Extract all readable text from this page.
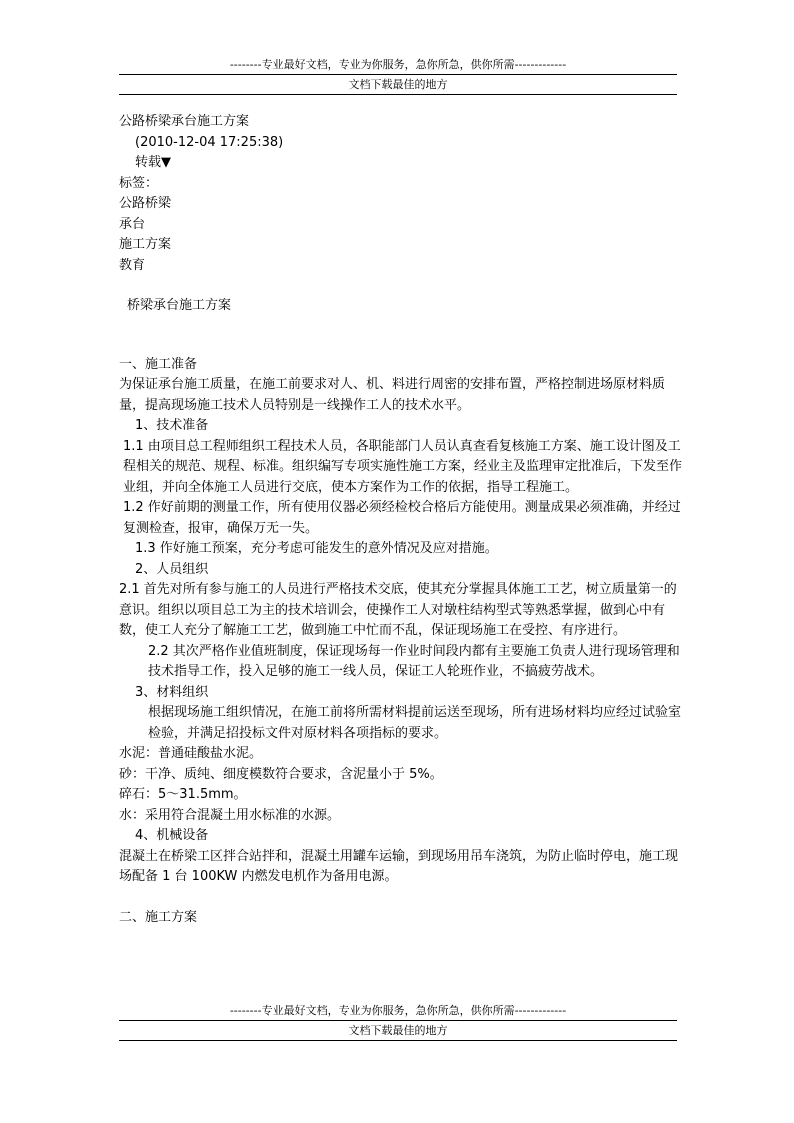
--------专业最好文档，专业为你服务，急你所急，供你所需-------------
文档下载最佳的地方

公路桥梁承台施工方案

(2010-12-04 17:25:38)

转载▼

标签：

公路桥梁

承台

施工方案

教育

桥梁承台施工方案

一、施工准备

为保证承台施工质量，在施工前要求对人、机、料进行周密的安排布置，严格控制进场原材料质量，提高现场施工技术人员特别是一线操作工人的技术水平。

1、技术准备

1.1 由项目总工程师组织工程技术人员，各职能部门人员认真查看复核施工方案、施工设计图及工程相关的规范、规程、标准。组织编写专项实施性施工方案，经业主及监理审定批准后，下发至作业组，并向全体施工人员进行交底，使本方案作为工作的依据，指导工程施工。

1.2 作好前期的测量工作，所有使用仪器必须经检校合格后方能使用。测量成果必须准确，并经过复测检查，报审，确保万无一失。

1.3 作好施工预案，充分考虑可能发生的意外情况及应对措施。

2、人员组织

2.1 首先对所有参与施工的人员进行严格技术交底，使其充分掌握具体施工工艺，树立质量第一的意识。组织以项目总工为主的技术培训会，使操作工人对墩柱结构型式等熟悉掌握，做到心中有数，使工人充分了解施工工艺，做到施工中忙而不乱，保证现场施工在受控、有序进行。

2.2 其次严格作业值班制度，保证现场每一作业时间段内都有主要施工负责人进行现场管理和技术指导工作，投入足够的施工一线人员，保证工人轮班作业，不搞疲劳战术。

3、材料组织

根据现场施工组织情况，在施工前将所需材料提前运送至现场，所有进场材料均应经过试验室检验，并满足招投标文件对原材料各项指标的要求。

水泥：普通硅酸盐水泥。

砂：干净、质纯、细度模数符合要求，含泥量小于 5%。

碎石：5～31.5mm。

水：采用符合混凝土用水标准的水源。

4、机械设备

混凝土在桥梁工区拌合站拌和，混凝土用罐车运输，到现场用吊车浇筑，为防止临时停电，施工现场配备 1 台 100KW 内燃发电机作为备用电源。

二、施工方案

--------专业最好文档，专业为你服务，急你所急，供你所需-------------
文档下载最佳的地方
